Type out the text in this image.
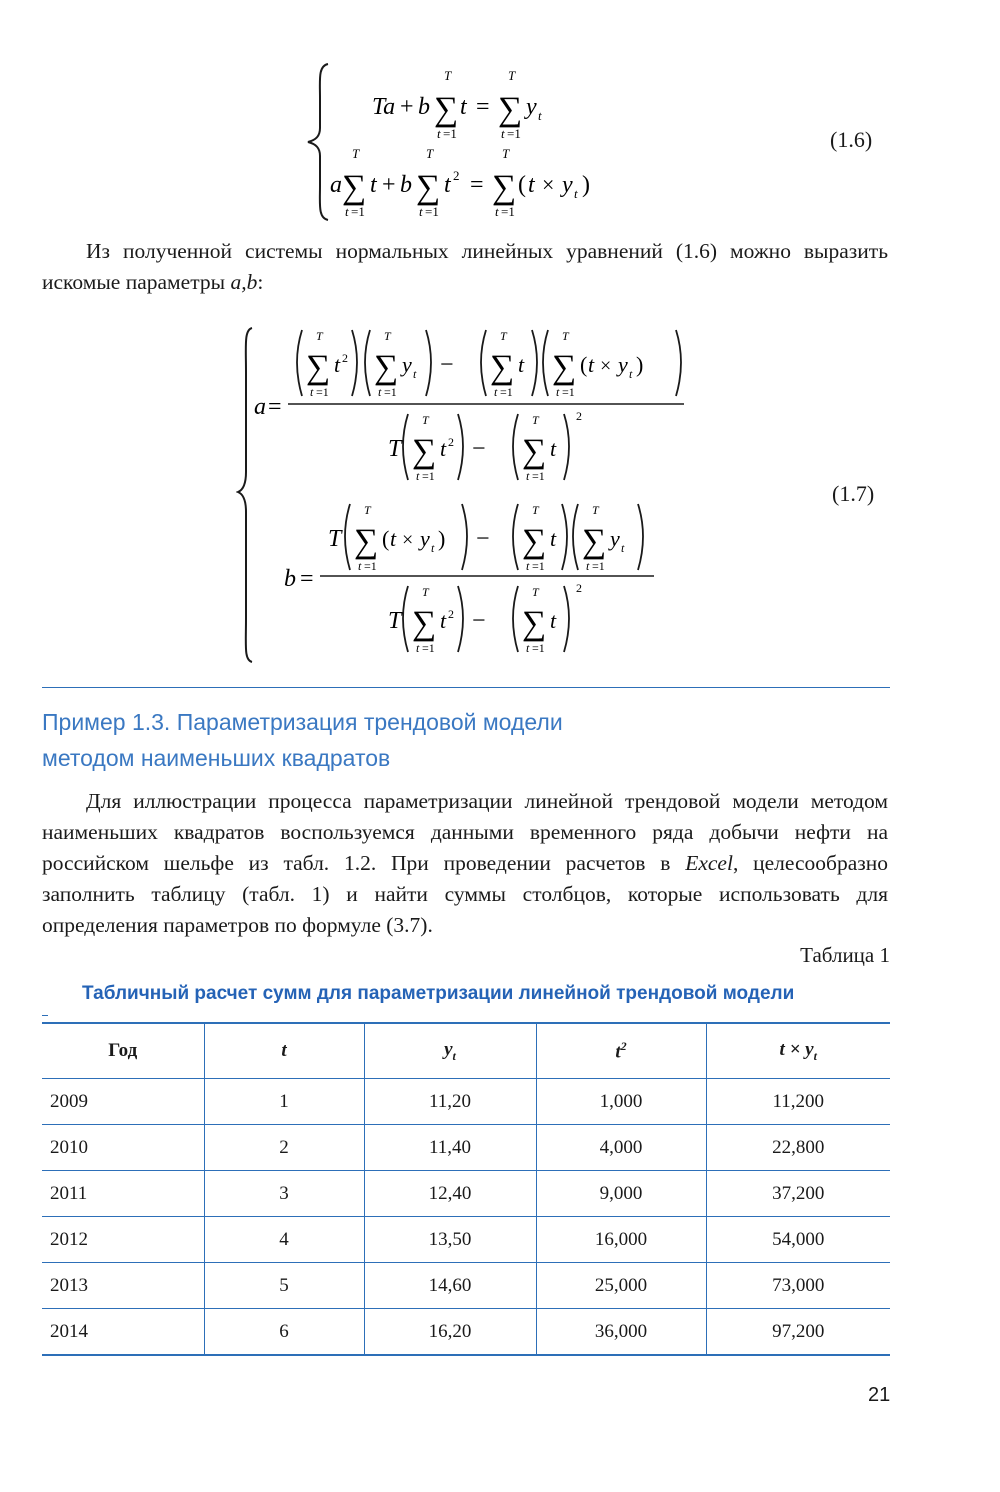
Ta + b ∑
T
t =1
t = ∑
T
t =1
y t
a ∑
T
t =1
t + b ∑
T
t =1
t 2 = ∑
T
t =1
( t × y t )
(1.6)
Из полученной системы нормальных линейных уравнений (1.6) можно выразить искомые параметры a,b:
a =
∑
T
t =1
t 2 ∑
T
t =1
y t − ∑
T
t =1
t ∑
T
t =1
( t × y t )
T ∑
T
t =1
t 2 − ∑
T
t =1
t
2
b =
T ∑
T
t =1
( t × y t ) − ∑
T
t =1
t ∑
T
t =1
y t
T ∑
T
t =1
t 2 − ∑
T
t =1
t
2
(1.7)
Пример 1.3. Параметризация трендовой модели
методом наименьших квадратов
Для иллюстрации процесса параметризации линейной трендовой модели методом наименьших квадратов воспользуемся данными временного ряда добычи нефти на российском шельфе из табл. 1.2. При проведении расчетов в Excel, целесообразно заполнить таблицу (табл. 1) и найти суммы столбцов, которые использовать для определения параметров по формуле (3.7).
Таблица 1
Табличный расчет сумм для параметризации линейной трендовой модели
Год	t	$y_t$	$t^2$	$t \times y_t$
2009	1	11,20	1,000	11,200
2010	2	11,40	4,000	22,800
2011	3	12,40	9,000	37,200
2012	4	13,50	16,000	54,000
2013	5	14,60	25,000	73,000
2014	6	16,20	36,000	97,200
21
